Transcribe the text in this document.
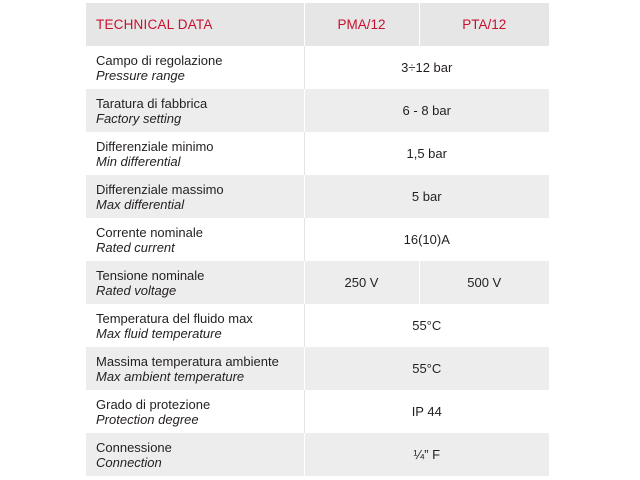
TECHNICAL DATA	PMA/12	PTA/12

Campo di regolazione
Pressure range	3÷12 bar	

Taratura di fabbrica
Factory setting	6 - 8 bar	

Differenziale minimo
Min differential	1,5 bar	

Differenziale massimo
Max differential	5 bar	

Corrente nominale
Rated current	16(10)A	

Tensione nominale
Rated voltage	250 V	500 V

Temperatura del fluido max
Max fluid temperature	55°C	

Massima temperatura ambiente
Max ambient temperature	55°C	

Grado di protezione
Protection degree	IP 44	

Connessione
Connection	¼” F	
